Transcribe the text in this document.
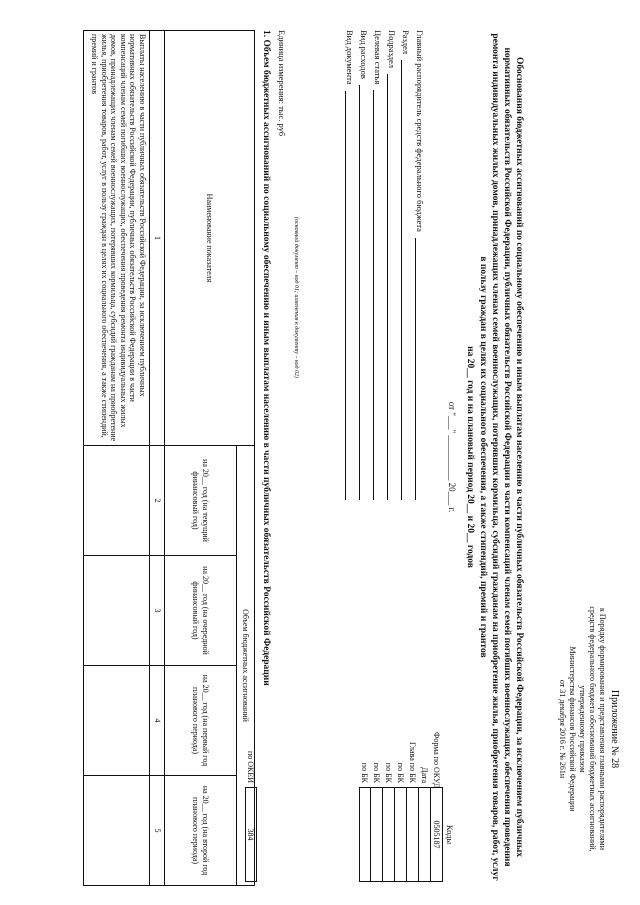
Приложение № 28
к Порядку формирования и представления главными распорядителями
средств федерального бюджета обоснований бюджетных ассигнований,
утвержденному приказом
Министерства финансов Российской Федерации
от 31 декабря 2016 г. № 261н
Обоснования бюджетных ассигнований по социальному обеспечению и иным выплатам населению в части публичных обязательств Российской Федерации, за исключением публичных нормативных обязательств Российской Федерации, публичных обязательств Российской Федерации в части компенсаций членам семей погибших военнослужащих, обеспечения проведения ремонта индивидуальных жилых домов, принадлежащих членам семей военнослужащих, потерявших кормильца, субсидий гражданам на приобретение жилья, приобретения товаров, работ, услуг в пользу граждан в целях их социального обеспечения, а также стипендий, премий и грантов
на 20__ год и на плановый период 20__ и 20__ годов
от "___" __________ 20___ г.
Коды
Форма по ОКУД
0505187
Дата
Глава по БК
по БК
по БК
по БК
по БК
по ОКЕИ
384
Главный распорядитель средств федерального бюджета
Раздел
Подраздел
Целевая статья
Вид расходов
Вид документа
(основной документ – код 01; изменения к документу – код 02)
Единица измерения: тыс. руб
1. Объем бюджетных ассигнований по социальному обеспечению и иным выплатам населению в части публичных обязательств Российской Федерации
Наименование показателя	Объем бюджетных ассигнований			
	на 20__ год (на текущий финансовый год)	на 20__ год (на очередной финансовый год)	на 20__ год (на первый год планового периода)	на 20__ год (на второй год планового периода)
1	2	3	4	5
Выплаты населению в части публичных обязательств Российской Федерации, за исключением публичных нормативных обязательств Российской Федерации, публичных обязательств Российской Федерации в части компенсаций членам семей погибших военнослужащих, обеспечения проведения ремонта индивидуальных жилых домов, принадлежащих членам семей военнослужащих, потерявших кормильца, субсидий гражданам на приобретение жилья, приобретения товаров, работ, услуг в пользу граждан в целях их социального обеспечения, а также стипендий, премий и грантов				
